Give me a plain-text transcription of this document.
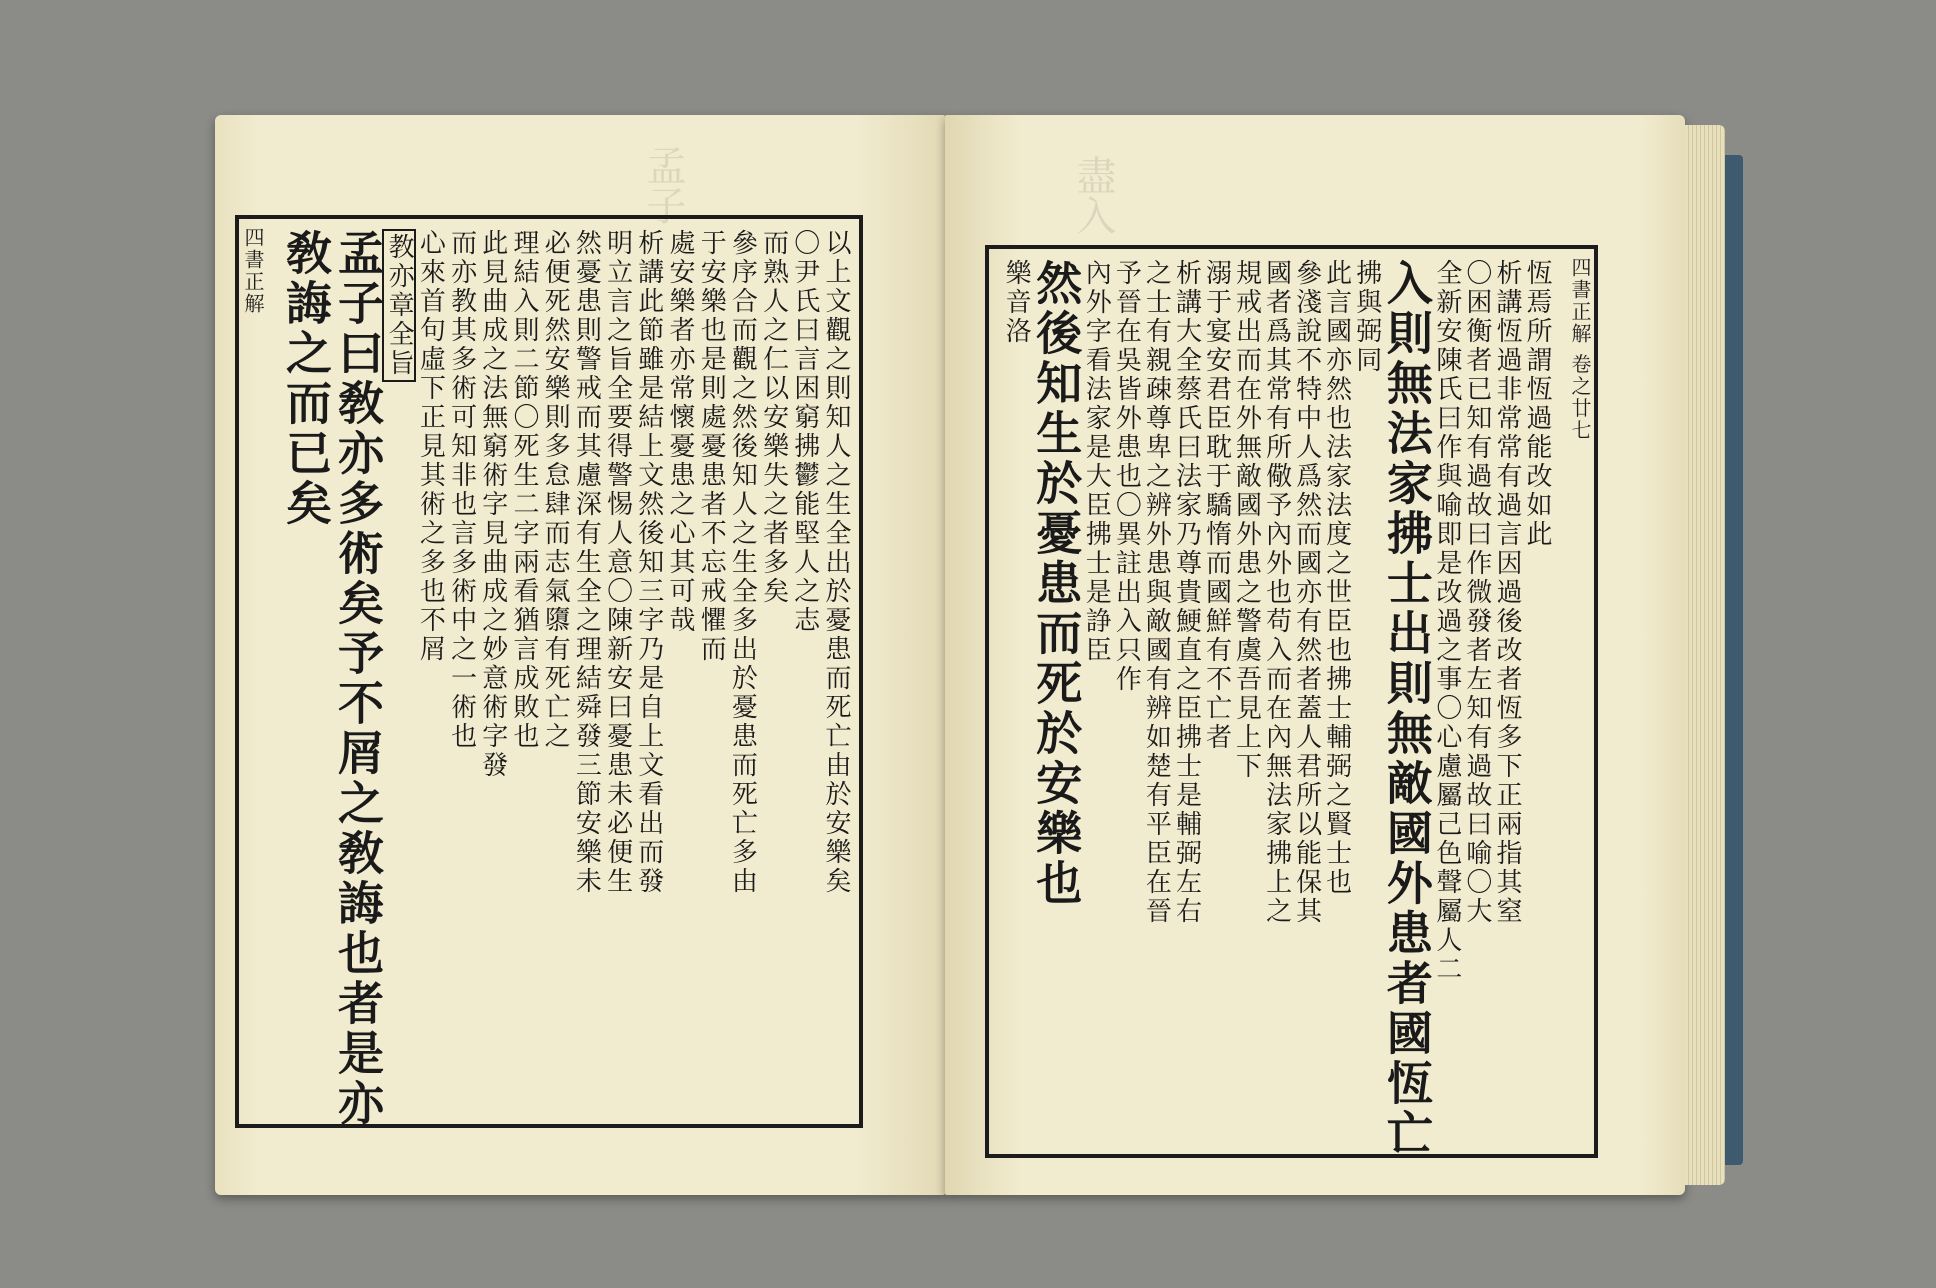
孟子
四書正解	以上文觀之則知人之生全出於憂患而死亡由於安樂矣
〇尹氏曰言困窮拂鬱能堅人之志
而熟人之仁以安樂失之者多矣
參序合而觀之然後知人之生全多出於憂患而死亡多由
于安樂也是則處憂患者不忘戒懼而
處安樂者亦常懷憂患之心其可哉
析講此節雖是結上文然後知三字乃是自上文看出而發
明立言之旨全要得警惕人意〇陳新安曰憂患未必便生
然憂患則警戒而其慮深有生全之理結舜發三節安樂未
必便死然安樂則多怠肆而志氣隳有死亡之
理結入則二節〇死生二字兩看猶言成敗也
此見曲成之法無窮術字見曲成之妙意術字發
而亦教其多術可知非也言多術中之一術也
心來首句虛下正見其術之多也不屑
教亦章全旨
孟子曰敎亦多術矣予不屑之敎誨也者是亦
敎誨之而已矣
盡入
四書正解 卷之廿七
恆焉所謂恆過能改如此
析講恆過非常常有過言因過後改者恆多下正兩指其窒
〇困衡者已知有過故曰作微發者左知有過故曰喻〇大
全新安陳氏曰作與喻即是改過之事〇心慮屬己色聲屬人二
入則無法家拂士出則無敵國外患者國恆亡
拂與弼同
此言國亦然也法家法度之世臣也拂士輔弼之賢士也
參淺說不特中人爲然而國亦有然者蓋人君所以能保其
國者爲其常有所儆予內外也苟入而在內無法家拂上之
規戒出而在外無敵國外患之警虞吾見上下
溺于宴安君臣耽于驕惰而國鮮有不亡者
析講大全蔡氏曰法家乃尊貴鯁直之臣拂士是輔弼左右
之士有親疎尊卑之辨外患與敵國有辨如楚有平臣在晉
予晉在吳皆外患也〇異註出入只作
內外字看法家是大臣拂士是諍臣
然後知生於憂患而死於安樂也
樂音洛
